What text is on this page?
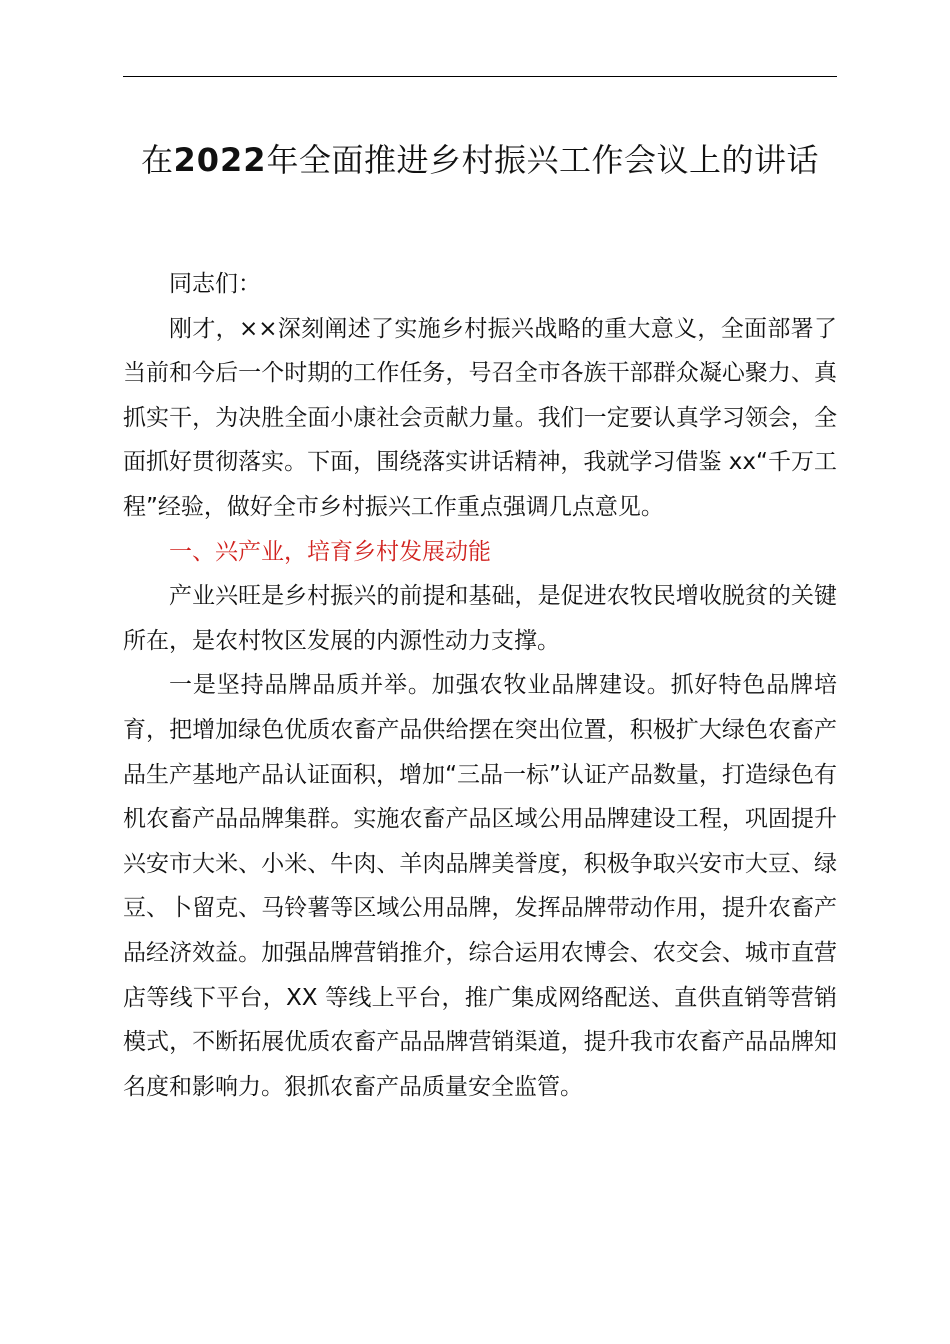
在2022年全面推进乡村振兴工作会议上的讲话

同志们：

刚才，××深刻阐述了实施乡村振兴战略的重大意义，全面部署了当前和今后一个时期的工作任务，号召全市各族干部群众凝心聚力、真抓实干，为决胜全面小康社会贡献力量。我们一定要认真学习领会，全面抓好贯彻落实。下面，围绕落实讲话精神，我就学习借鉴 xx“千万工程”经验，做好全市乡村振兴工作重点强调几点意见。

一、兴产业，培育乡村发展动能

产业兴旺是乡村振兴的前提和基础，是促进农牧民增收脱贫的关键所在，是农村牧区发展的内源性动力支撑。

一是坚持品牌品质并举。加强农牧业品牌建设。抓好特色品牌培育，把增加绿色优质农畜产品供给摆在突出位置，积极扩大绿色农畜产品生产基地产品认证面积，增加“三品一标”认证产品数量，打造绿色有机农畜产品品牌集群。实施农畜产品区域公用品牌建设工程，巩固提升兴安市大米、小米、牛肉、羊肉品牌美誉度，积极争取兴安市大豆、绿豆、卜留克、马铃薯等区域公用品牌，发挥品牌带动作用，提升农畜产品经济效益。加强品牌营销推介，综合运用农博会、农交会、城市直营店等线下平台，XX 等线上平台，推广集成网络配送、直供直销等营销模式，不断拓展优质农畜产品品牌营销渠道，提升我市农畜产品品牌知名度和影响力。狠抓农畜产品质量安全监管。
